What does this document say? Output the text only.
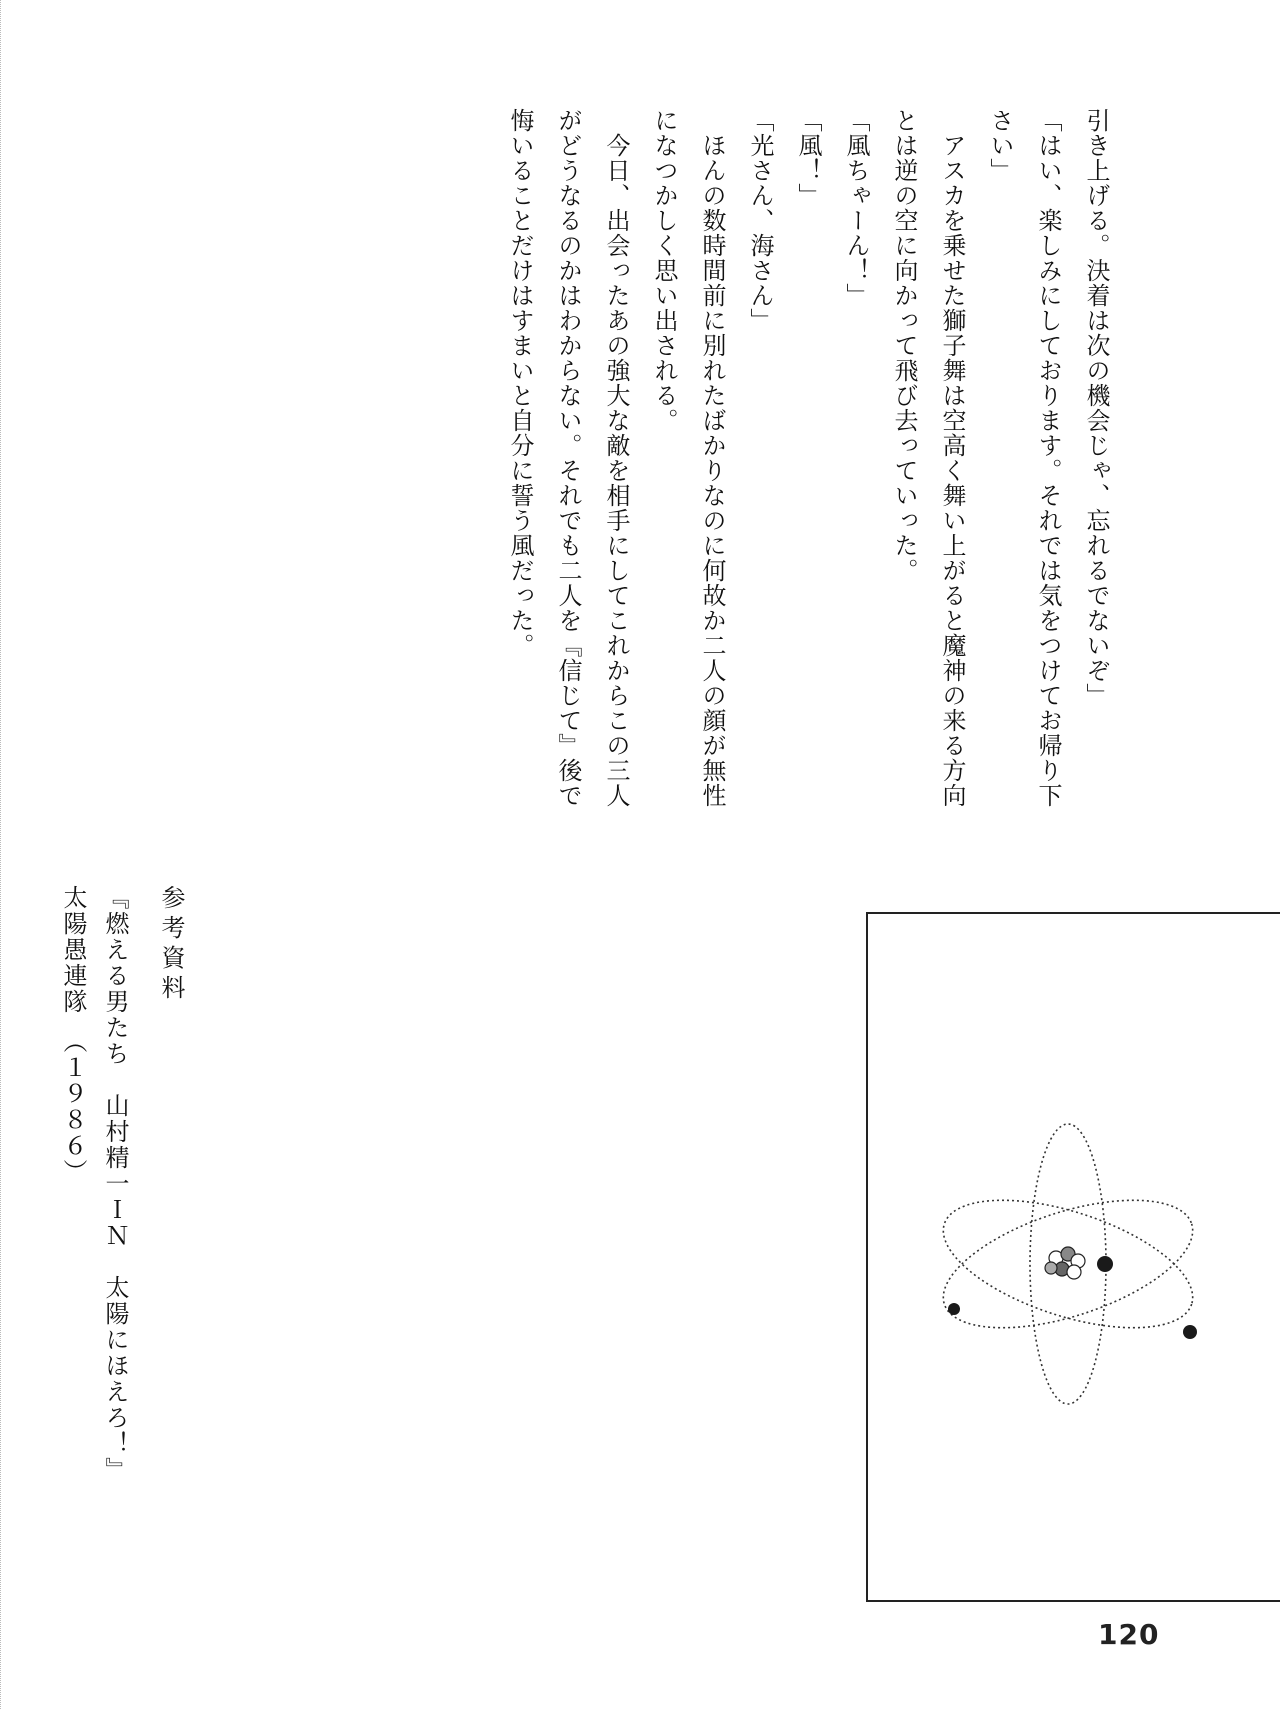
引き上げる。決着は次の機会じゃ、忘れるでないぞ」

「はい、楽しみにしております。それでは気をつけてお帰り下さい」

　アスカを乗せた獅子舞は空高く舞い上がると魔神の来る方向とは逆の空に向かって飛び去っていった。

「風ちゃーん！」

「風！」

「光さん、海さん」

　ほんの数時間前に別れたばかりなのに何故か二人の顔が無性になつかしく思い出される。

　今日、出会ったあの強大な敵を相手にしてこれからこの三人がどうなるのかはわからない。それでも二人を『信じて』後で悔いることだけはすまいと自分に誓う風だった。

参考資料

『燃える男たち　山村精一ＩＮ　太陽にほえろ！』

太陽愚連隊　（１９８６）

120
